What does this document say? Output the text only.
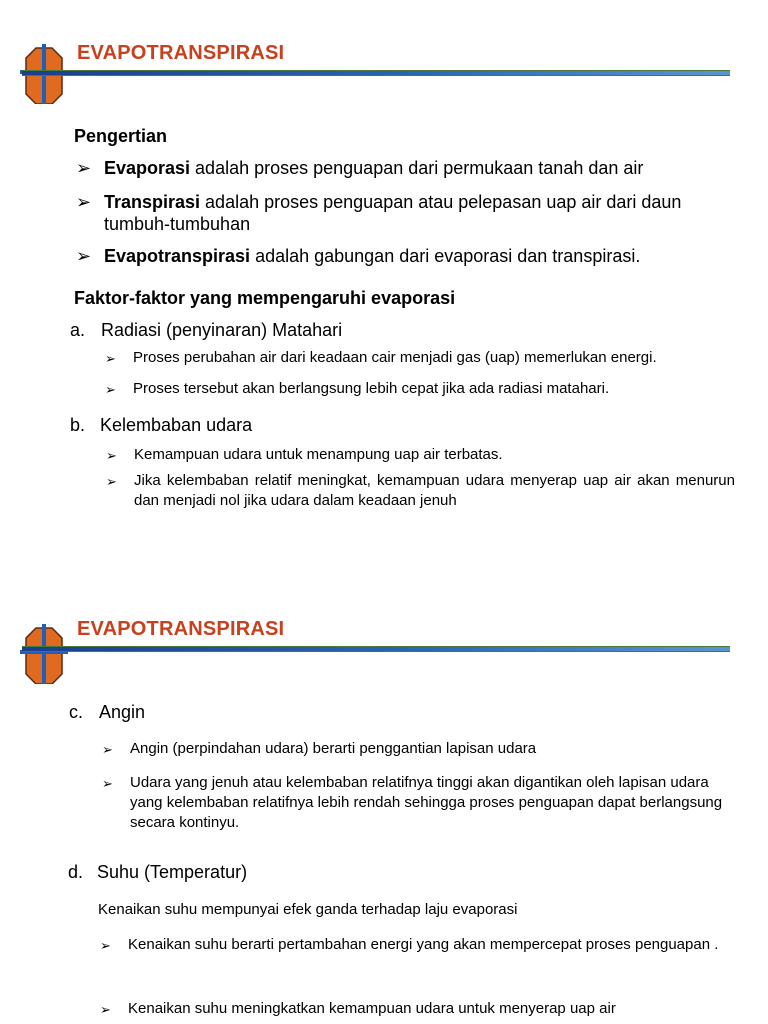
EVAPOTRANSPIRASI
Pengertian
➢ Evaporasi adalah proses penguapan dari permukaan tanah dan air
➢ Transpirasi adalah proses penguapan atau pelepasan uap air dari daun tumbuh-tumbuhan
➢ Evapotranspirasi adalah gabungan dari evaporasi dan transpirasi.
Faktor-faktor yang mempengaruhi evaporasi
a. Radiasi (penyinaran) Matahari
➢ Proses perubahan air dari keadaan cair menjadi gas (uap) memerlukan energi.
➢ Proses tersebut akan berlangsung lebih cepat jika ada radiasi matahari.
b. Kelembaban udara
➢ Kemampuan udara untuk menampung uap air terbatas.
➢ Jika kelembaban relatif meningkat, kemampuan udara menyerap uap air akan menurun dan menjadi nol jika udara dalam keadaan jenuh
EVAPOTRANSPIRASI
c. Angin
➢ Angin (perpindahan udara) berarti penggantian lapisan udara
➢ Udara yang jenuh atau kelembaban relatifnya tinggi akan digantikan oleh lapisan udara yang kelembaban relatifnya lebih rendah sehingga proses penguapan dapat berlangsung secara kontinyu.
d. Suhu (Temperatur)
Kenaikan suhu mempunyai efek ganda terhadap laju evaporasi
➢ Kenaikan suhu berarti pertambahan energi yang akan mempercepat proses penguapan .
➢ Kenaikan suhu meningkatkan kemampuan udara untuk menyerap uap air
